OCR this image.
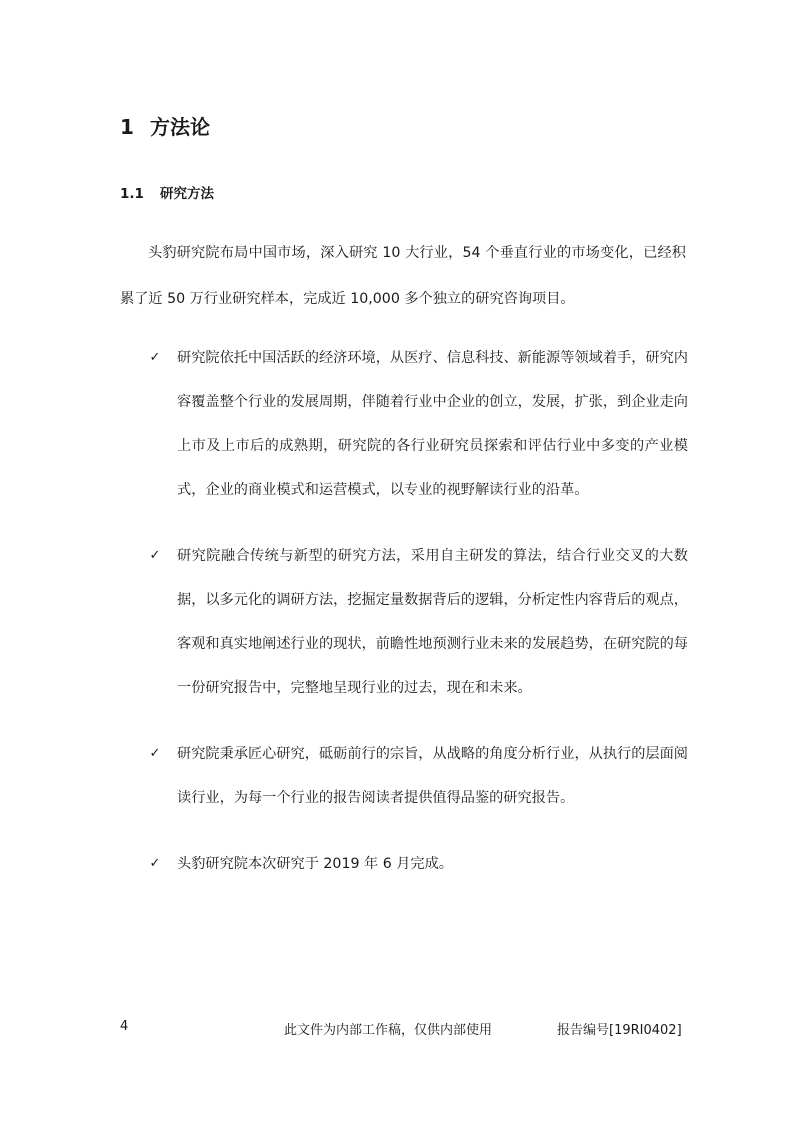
1 方法论
1.1 研究方法

头豹研究院布局中国市场，深入研究 10 大行业，54 个垂直行业的市场变化，已经积累了近 50 万行业研究样本，完成近 10,000 多个独立的研究咨询项目。

✓ 研究院依托中国活跃的经济环境，从医疗、信息科技、新能源等领域着手，研究内容覆盖整个行业的发展周期，伴随着行业中企业的创立，发展，扩张，到企业走向上市及上市后的成熟期，研究院的各行业研究员探索和评估行业中多变的产业模式，企业的商业模式和运营模式，以专业的视野解读行业的沿革。
✓ 研究院融合传统与新型的研究方法，采用自主研发的算法，结合行业交叉的大数据，以多元化的调研方法，挖掘定量数据背后的逻辑，分析定性内容背后的观点，客观和真实地阐述行业的现状，前瞻性地预测行业未来的发展趋势，在研究院的每一份研究报告中，完整地呈现行业的过去，现在和未来。
✓ 研究院秉承匠心研究，砥砺前行的宗旨，从战略的角度分析行业，从执行的层面阅读行业，为每一个行业的报告阅读者提供值得品鉴的研究报告。
✓ 头豹研究院本次研究于 2019 年 6 月完成。
4	此文件为内部工作稿，仅供内部使用	报告编号[19RI0402]
